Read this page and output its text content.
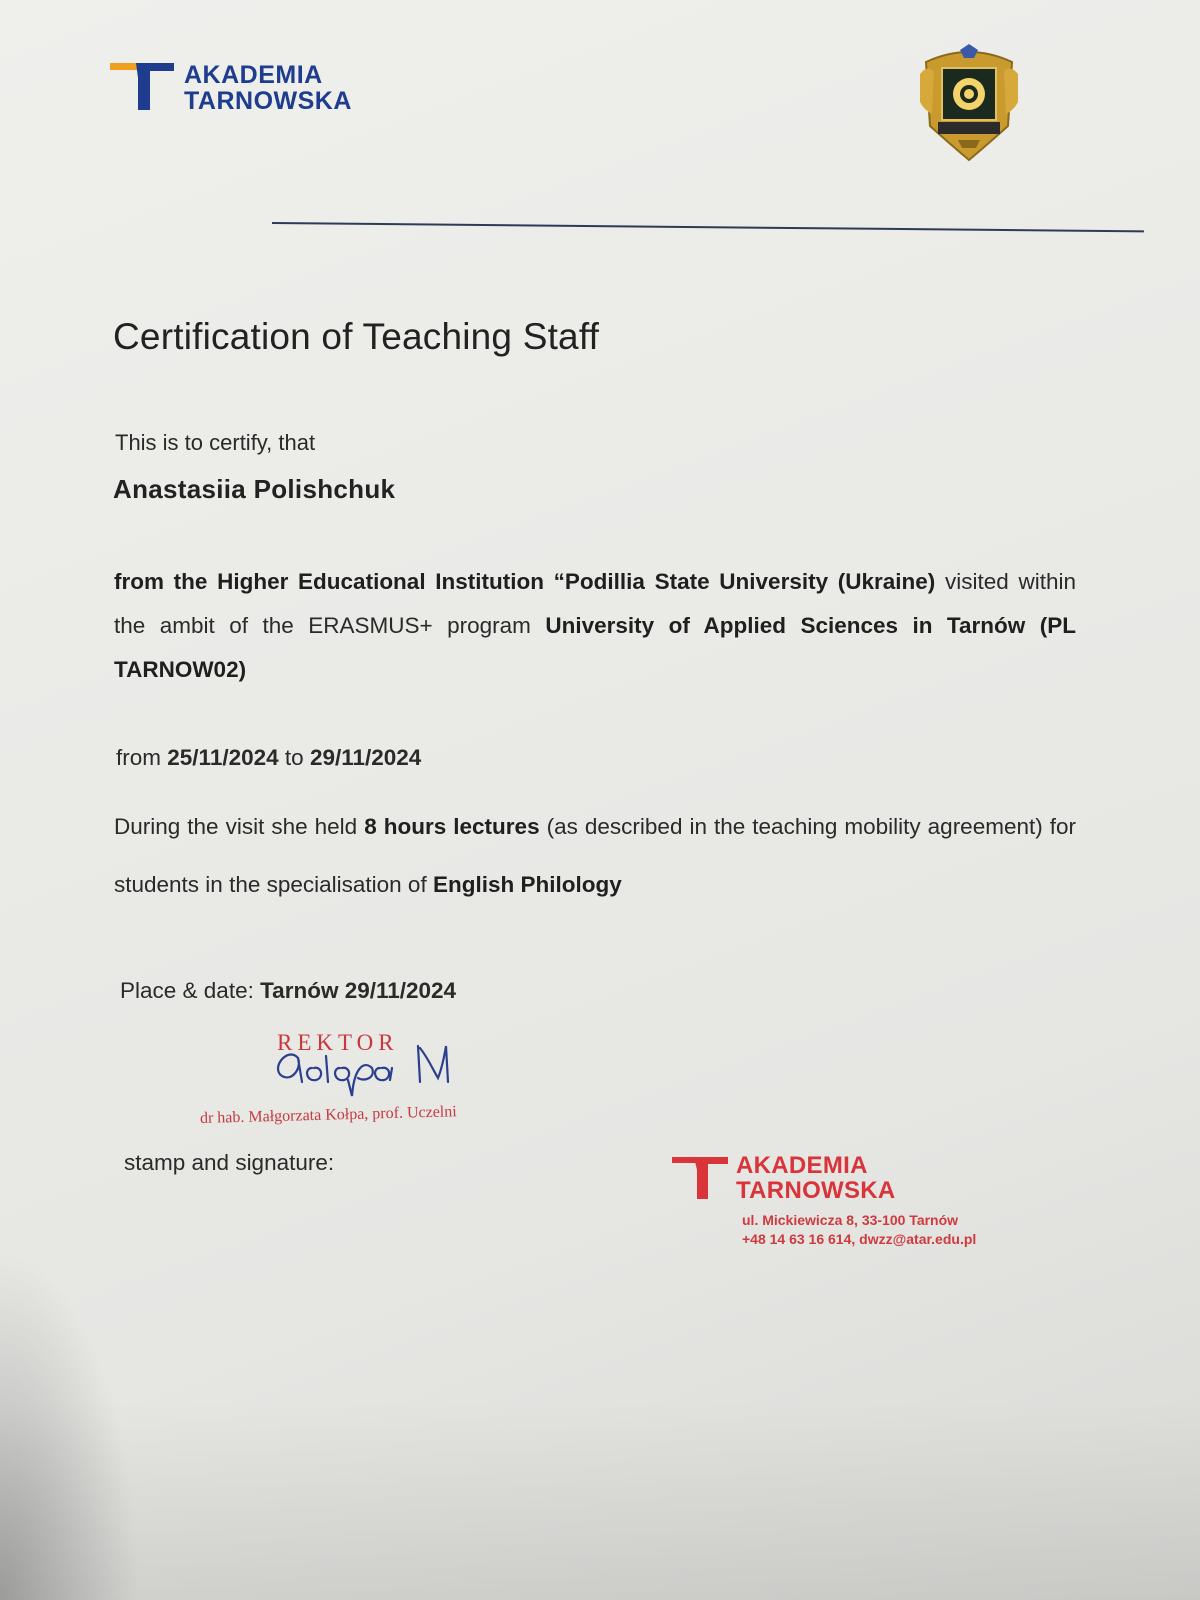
AKADEMIA
TARNOWSKA
Certification of Teaching Staff
This is to certify, that
Anastasiia Polishchuk
from the Higher Educational Institution “Podillia State University (Ukraine) visited within the ambit of the ERASMUS+ program University of Applied Sciences in Tarnów (PL TARNOW02)
from 25/11/2024 to 29/11/2024
During the visit she held 8 hours lectures (as described in the teaching mobility agreement) for students in the specialisation of English Philology
Place & date: Tarnów 29/11/2024
REKTOR
dr hab. Małgorzata Kołpa, prof. Uczelni
stamp and signature:	AKADEMIA
TARNOWSKA
ul. Mickiewicza 8, 33-100 Tarnów
+48 14 63 16 614, dwzz@atar.edu.pl
